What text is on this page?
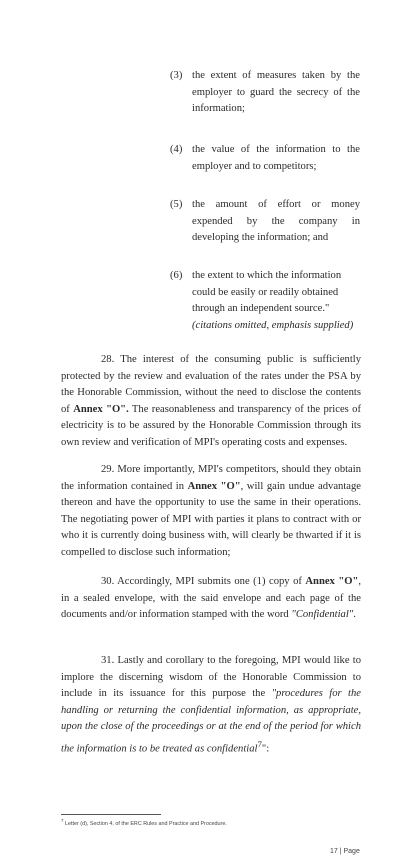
(3) the extent of measures taken by the employer to guard the secrecy of the information;
(4) the value of the information to the employer and to competitors;
(5) the amount of effort or money expended by the company in developing the information; and
(6) the extent to which the information could be easily or readily obtained through an independent source."
(citations omitted, emphasis supplied)
28. The interest of the consuming public is sufficiently protected by the review and evaluation of the rates under the PSA by the Honorable Commission, without the need to disclose the contents of Annex "O". The reasonableness and transparency of the prices of electricity is to be assured by the Honorable Commission through its own review and verification of MPI's operating costs and expenses.
29. More importantly, MPI's competitors, should they obtain the information contained in Annex "O", will gain undue advantage thereon and have the opportunity to use the same in their operations. The negotiating power of MPI with parties it plans to contract with or who it is currently doing business with, will clearly be thwarted if it is compelled to disclose such information;
30. Accordingly, MPI submits one (1) copy of Annex "O", in a sealed envelope, with the said envelope and each page of the documents and/or information stamped with the word "Confidential".
31. Lastly and corollary to the foregoing, MPI would like to implore the discerning wisdom of the Honorable Commission to include in its issuance for this purpose the "procedures for the handling or returning the confidential information, as appropriate, upon the close of the proceedings or at the end of the period for which the information is to be treated as confidential$^7$":
$^7$ Letter (d), Section 4, of the ERC Rules and Practice and Procedure.
17 | Page
